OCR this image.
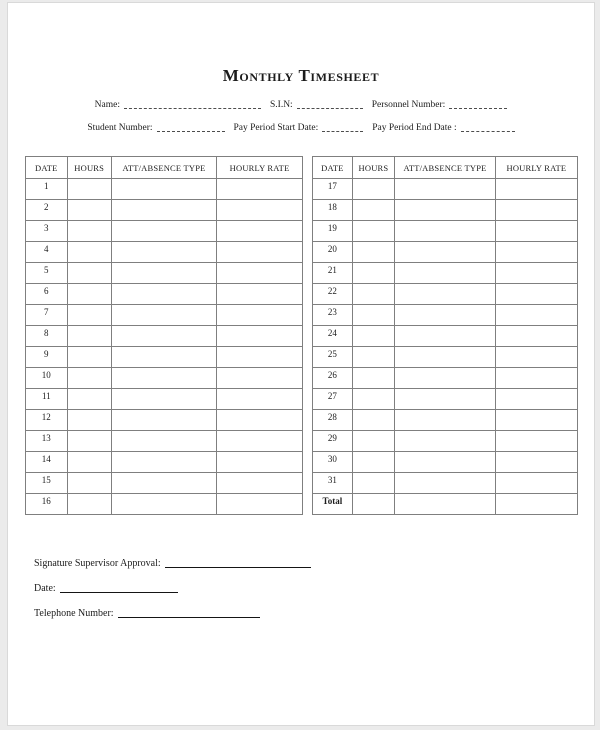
Monthly Timesheet
Name:	S.I.N:	Personnel Number:
Student Number:	Pay Period Start Date:	Pay Period End Date :
DATE	HOURS	ATT/ABSENCE TYPE	HOURLY RATE
1			
2			
3			
4			
5			
6			
7			
8			
9			
10			
11			
12			
13			
14			
15			
16			
DATE	HOURS	ATT/ABSENCE TYPE	HOURLY RATE
17			
18			
19			
20			
21			
22			
23			
24			
25			
26			
27			
28			
29			
30			
31			
Total			
Signature Supervisor Approval:
Date:
Telephone Number:
